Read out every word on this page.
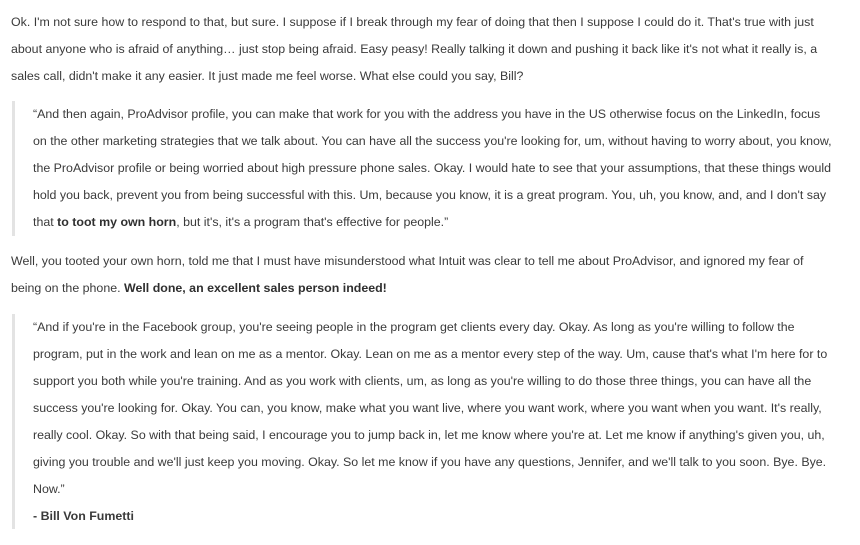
Ok. I'm not sure how to respond to that, but sure. I suppose if I break through my fear of doing that then I suppose I could do it. That's true with just about anyone who is afraid of anything… just stop being afraid. Easy peasy! Really talking it down and pushing it back like it's not what it really is, a sales call, didn't make it any easier. It just made me feel worse. What else could you say, Bill?

“And then again, ProAdvisor profile, you can make that work for you with the address you have in the US otherwise focus on the LinkedIn, focus on the other marketing strategies that we talk about. You can have all the success you're looking for, um, without having to worry about, you know, the ProAdvisor profile or being worried about high pressure phone sales. Okay. I would hate to see that your assumptions, that these things would hold you back, prevent you from being successful with this. Um, because you know, it is a great program. You, uh, you know, and, and I don't say that to toot my own horn, but it's, it's a program that's effective for people.”

Well, you tooted your own horn, told me that I must have misunderstood what Intuit was clear to tell me about ProAdvisor, and ignored my fear of being on the phone. Well done, an excellent sales person indeed!

“And if you're in the Facebook group, you're seeing people in the program get clients every day. Okay. As long as you're willing to follow the program, put in the work and lean on me as a mentor. Okay. Lean on me as a mentor every step of the way. Um, cause that's what I'm here for to support you both while you're training. And as you work with clients, um, as long as you're willing to do those three things, you can have all the success you're looking for. Okay. You can, you know, make what you want live, where you want work, where you want when you want. It's really, really cool. Okay. So with that being said, I encourage you to jump back in, let me know where you're at. Let me know if anything's given you, uh, giving you trouble and we'll just keep you moving. Okay. So let me know if you have any questions, Jennifer, and we'll talk to you soon. Bye. Bye. Now.”

- Bill Von Fumetti
